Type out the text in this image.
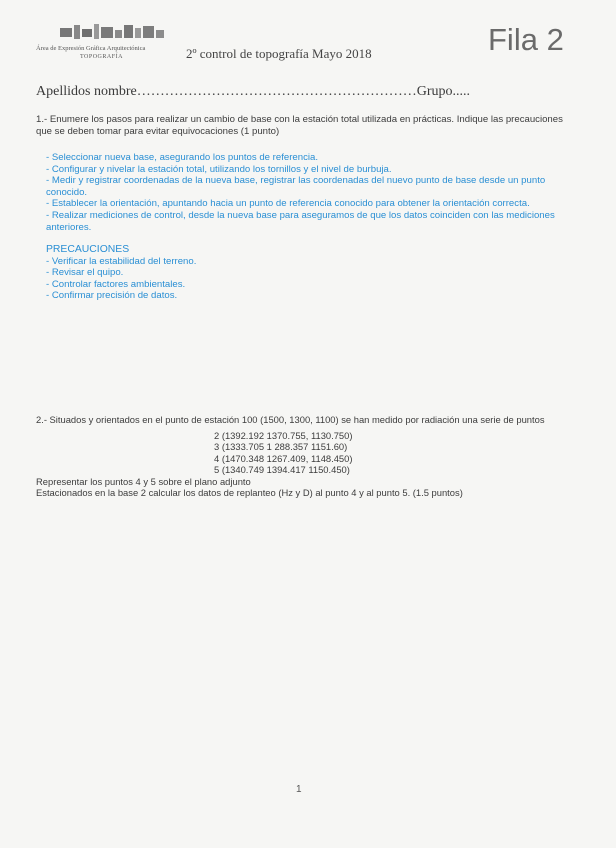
Área de Expresión Gráfica Arquitectónica
TOPOGRAFÍA	2º control de topografía Mayo 2018	Fila 2
Apellidos nombre……………………………………………………Grupo.....
1.- Enumere los pasos para realizar un cambio de base con la estación total utilizada en prácticas. Indique las precauciones que se deben tomar para evitar equivocaciones (1 punto)
- Seleccionar nueva base, asegurando los puntos de referencia.
- Configurar y nivelar la estación total, utilizando los tornillos y el nivel de burbuja.
- Medir y registrar coordenadas de la nueva base, registrar las coordenadas del nuevo punto de base desde un punto conocido.
- Establecer la orientación, apuntando hacia un punto de referencia conocido para obtener la orientación correcta.
- Realizar mediciones de control, desde la nueva base para aseguramos de que los datos coinciden con las mediciones anteriores.
PRECAUCIONES
- Verificar la estabilidad del terreno.
- Revisar el quipo.
- Controlar factores ambientales.
- Confirmar precisión de datos.
2.- Situados y orientados en el punto de estación 100 (1500, 1300, 1100) se han medido por radiación una serie de puntos
2 (1392.192 1370.755, 1130.750)
3 (1333.705 1 288.357 1151.60)
4 (1470.348 1267.409, 1148.450)
5 (1340.749 1394.417 1150.450)
Representar los puntos 4 y 5 sobre el plano adjunto
Estacionados en la base 2 calcular los datos de replanteo (Hz y D) al punto 4 y al punto 5. (1.5 puntos)
1
